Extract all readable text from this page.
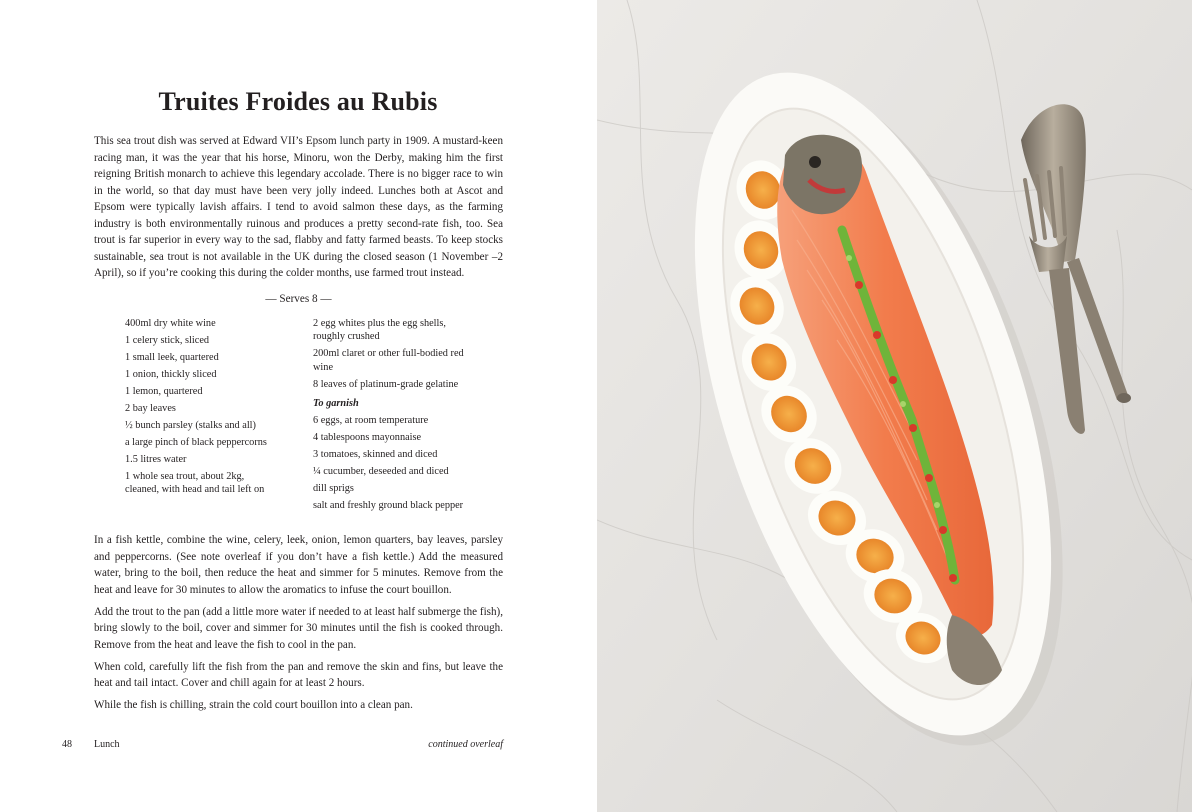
Truites Froides au Rubis

This sea trout dish was served at Edward VII’s Epsom lunch party in 1909. A mustard-keen racing man, it was the year that his horse, Minoru, won the Derby, making him the first reigning British monarch to achieve this legendary accolade. There is no bigger race to win in the world, so that day must have been very jolly indeed. Lunches both at Ascot and Epsom were typically lavish affairs. I tend to avoid salmon these days, as the farming industry is both environmentally ruinous and produces a pretty second-rate fish, too. Sea trout is far superior in every way to the sad, flabby and fatty farmed beasts. To keep stocks sustainable, sea trout is not available in the UK during the closed season (1 November –2 April), so if you’re cooking this during the colder months, use farmed trout instead.

— Serves 8 —
400ml dry white wine
1 celery stick, sliced
1 small leek, quartered
1 onion, thickly sliced
1 lemon, quartered
2 bay leaves
½ bunch parsley (stalks and all)
a large pinch of black peppercorns
1.5 litres water
1 whole sea trout, about 2kg, cleaned, with head and tail left on
2 egg whites plus the egg shells, roughly crushed
200ml claret or other full-bodied red wine
8 leaves of platinum-grade gelatine
To garnish
6 eggs, at room temperature
4 tablespoons mayonnaise
3 tomatoes, skinned and diced
¼ cucumber, deseeded and diced
dill sprigs
salt and freshly ground black pepper

In a fish kettle, combine the wine, celery, leek, onion, lemon quarters, bay leaves, parsley and peppercorns. (See note overleaf if you don’t have a fish kettle.) Add the measured water, bring to the boil, then reduce the heat and simmer for 5 minutes. Remove from the heat and leave for 30 minutes to allow the aromatics to infuse the court bouillon.

Add the trout to the pan (add a little more water if needed to at least half submerge the fish), bring slowly to the boil, cover and simmer for 30 minutes until the fish is cooked through. Remove from the heat and leave the fish to cool in the pan.

When cold, carefully lift the fish from the pan and remove the skin and fins, but leave the heat and tail intact. Cover and chill again for at least 2 hours.

While the fish is chilling, strain the cold court bouillon into a clean pan.

48 Lunch	continued overleaf
